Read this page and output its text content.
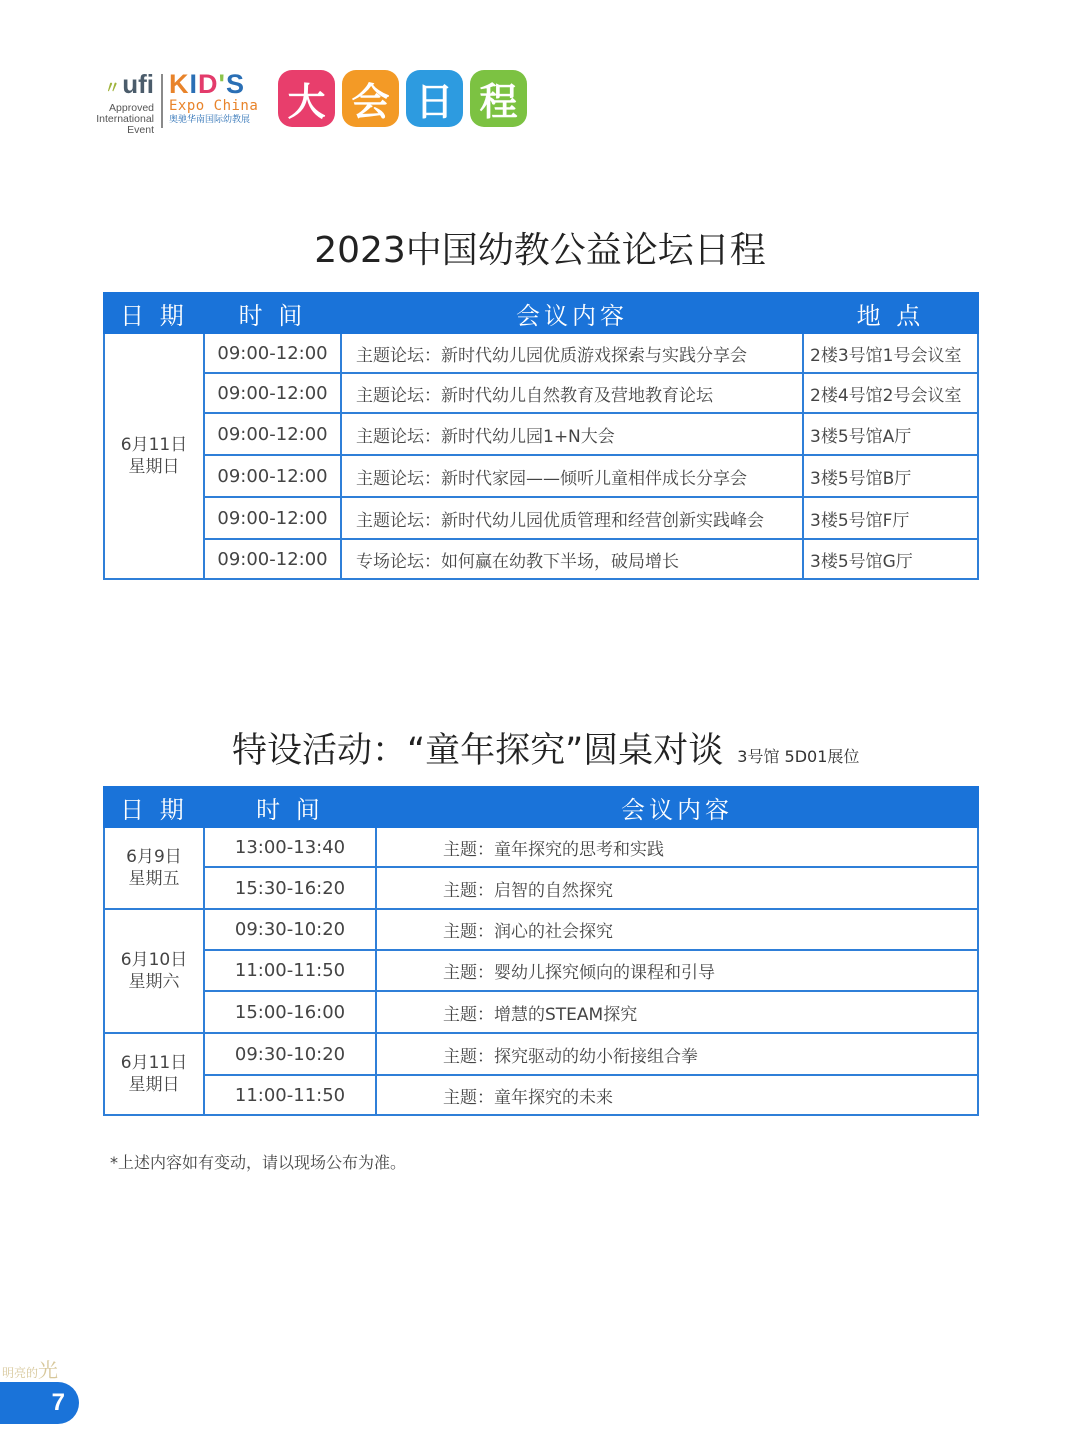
〃ufi
Approved
International
Event
KID'S
Expo China
奥驰华南国际幼教展 大 会 日 程
2023中国幼教公益论坛日程
日 期	时 间	会议内容	地 点

6月11日
星期日	09:00-12:00	主题论坛：新时代幼儿园优质游戏探索与实践分享会	2楼3号馆1号会议室
	09:00-12:00	主题论坛：新时代幼儿自然教育及营地教育论坛	2楼4号馆2号会议室
	09:00-12:00	主题论坛：新时代幼儿园1+N大会	3楼5号馆A厅
	09:00-12:00	主题论坛：新时代家园——倾听儿童相伴成长分享会	3楼5号馆B厅
	09:00-12:00	主题论坛：新时代幼儿园优质管理和经营创新实践峰会	3楼5号馆F厅
	09:00-12:00	专场论坛：如何赢在幼教下半场，破局增长	3楼5号馆G厅
特设活动：“童年探究”圆桌对谈 3号馆 5D01展位
日 期	时 间	会议内容

6月9日
星期五	13:00-13:40	主题：童年探究的思考和实践
	15:30-16:20	主题：启智的自然探究

6月10日
星期六	09:30-10:20	主题：润心的社会探究
	11:00-11:50	主题：婴幼儿探究倾向的课程和引导
	15:00-16:00	主题：增慧的STEAM探究

6月11日
星期日	09:30-10:20	主题：探究驱动的幼小衔接组合拳
	11:00-11:50	主题：童年探究的未来
*上述内容如有变动，请以现场公布为准。
明亮的光
7
